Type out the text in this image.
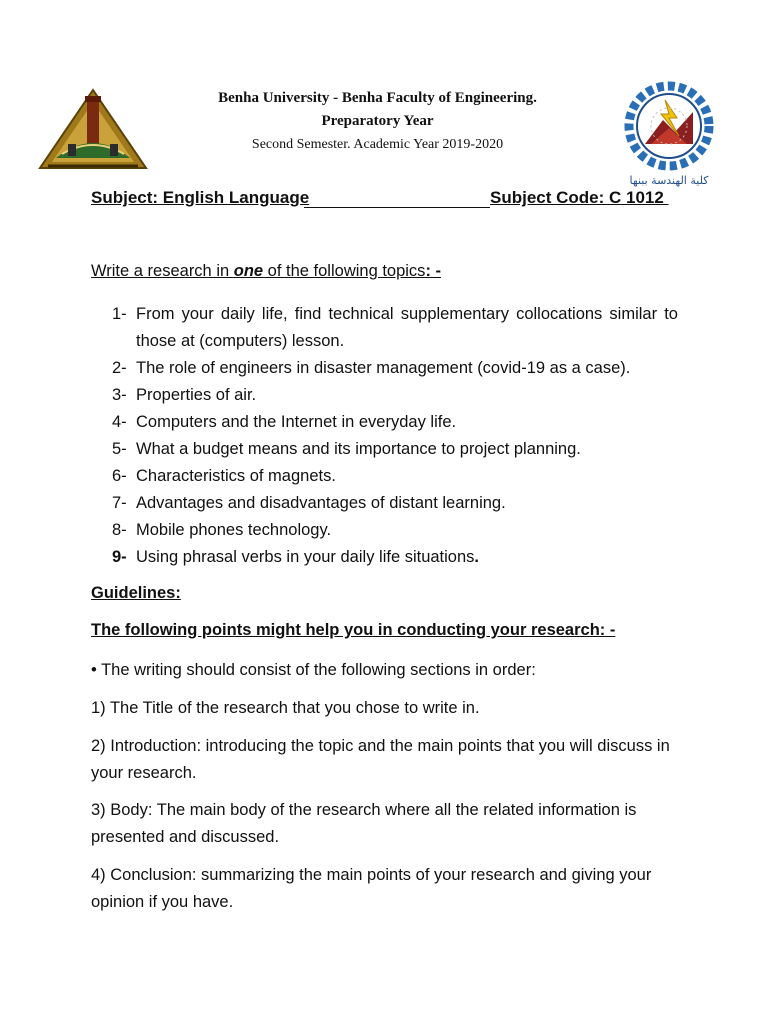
كلية الهندسة ببنها
Benha University - Benha Faculty of Engineering.
Preparatory Year
Second Semester. Academic Year 2019-2020
Subject: English Language	Subject Code: C 1012
Write a research in one of the following topics: -
1- From your daily life, find technical supplementary collocations similar to those at (computers) lesson.
2- The role of engineers in disaster management (covid-19 as a case).
3- Properties of air.
4- Computers and the Internet in everyday life.
5- What a budget means and its importance to project planning.
6- Characteristics of magnets.
7- Advantages and disadvantages of distant learning.
8- Mobile phones technology.
9- Using phrasal verbs in your daily life situations.
Guidelines:
The following points might help you in conducting your research: -
• The writing should consist of the following sections in order:
1) The Title of the research that you chose to write in.
2) Introduction: introducing the topic and the main points that you will discuss in your research.
3) Body: The main body of the research where all the related information is presented and discussed.
4) Conclusion: summarizing the main points of your research and giving your opinion if you have.
